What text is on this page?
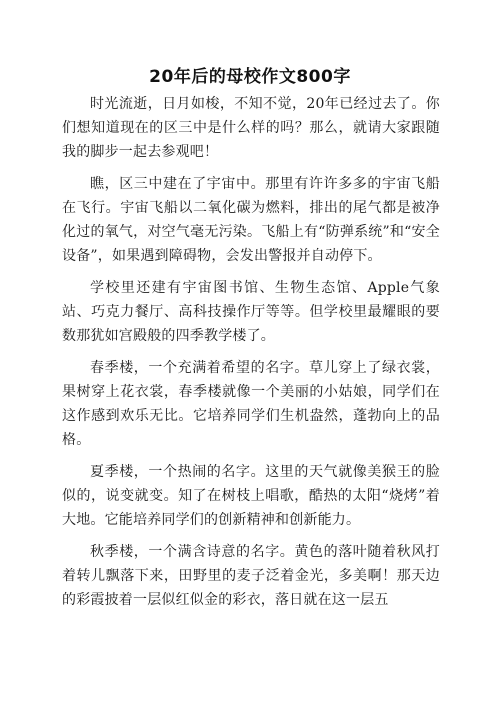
20年后的母校作文800字

时光流逝，日月如梭，不知不觉，20年已经过去了。你们想知道现在的区三中是什么样的吗？那么，就请大家跟随我的脚步一起去参观吧！

瞧，区三中建在了宇宙中。那里有许许多多的宇宙飞船在飞行。宇宙飞船以二氧化碳为燃料，排出的尾气都是被净化过的氧气，对空气毫无污染。飞船上有“防弹系统”和“安全设备”，如果遇到障碍物，会发出警报并自动停下。

学校里还建有宇宙图书馆、生物生态馆、Apple气象站、巧克力餐厅、高科技操作厅等等。但学校里最耀眼的要数那犹如宫殿般的四季教学楼了。

春季楼，一个充满着希望的名字。草儿穿上了绿衣裳，果树穿上花衣裳，春季楼就像一个美丽的小姑娘，同学们在这作感到欢乐无比。它培养同学们生机盎然，蓬勃向上的品格。

夏季楼，一个热闹的名字。这里的天气就像美猴王的脸似的，说变就变。知了在树枝上唱歌，酷热的太阳“烧烤”着大地。它能培养同学们的创新精神和创新能力。

秋季楼，一个满含诗意的名字。黄色的落叶随着秋风打着转儿飘落下来，田野里的麦子泛着金光，多美啊！那天边的彩霞披着一层似红似金的彩衣，落日就在这一层五
